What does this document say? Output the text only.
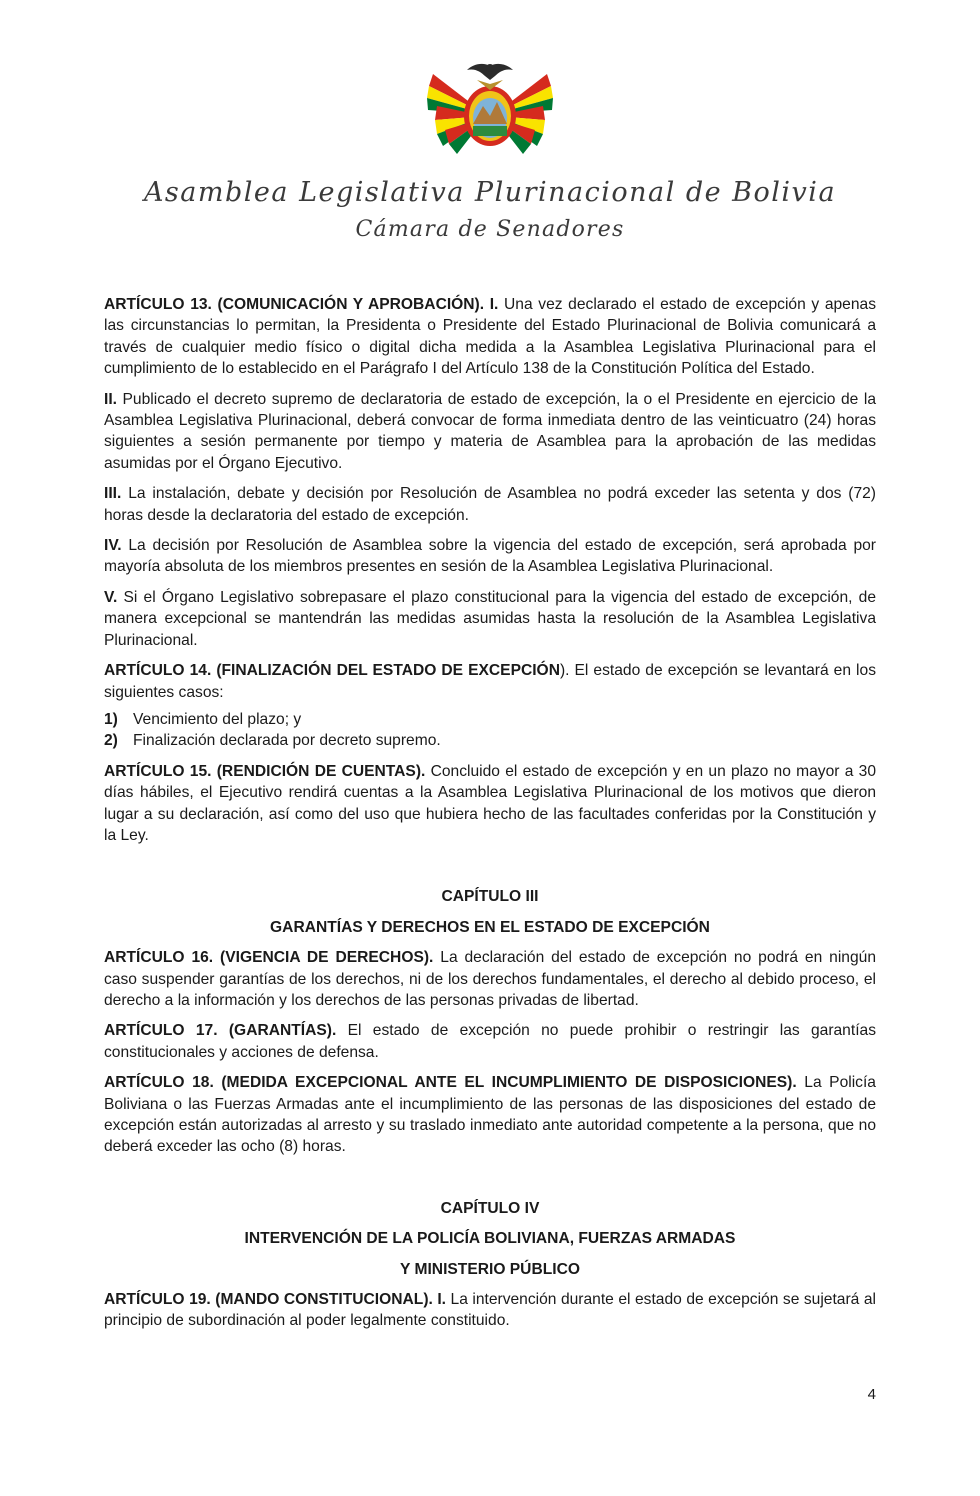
Asamblea Legislativa Plurinacional de Bolivia
Cámara de Senadores

ARTÍCULO 13. (COMUNICACIÓN Y APROBACIÓN). I. Una vez declarado el estado de excepción y apenas las circunstancias lo permitan, la Presidenta o Presidente del Estado Plurinacional de Bolivia comunicará a través de cualquier medio físico o digital dicha medida a la Asamblea Legislativa Plurinacional para el cumplimiento de lo establecido en el Parágrafo I del Artículo 138 de la Constitución Política del Estado.

II. Publicado el decreto supremo de declaratoria de estado de excepción, la o el Presidente en ejercicio de la Asamblea Legislativa Plurinacional, deberá convocar de forma inmediata dentro de las veinticuatro (24) horas siguientes a sesión permanente por tiempo y materia de Asamblea para la aprobación de las medidas asumidas por el Órgano Ejecutivo.

III. La instalación, debate y decisión por Resolución de Asamblea no podrá exceder las setenta y dos (72) horas desde la declaratoria del estado de excepción.

IV. La decisión por Resolución de Asamblea sobre la vigencia del estado de excepción, será aprobada por mayoría absoluta de los miembros presentes en sesión de la Asamblea Legislativa Plurinacional.

V. Si el Órgano Legislativo sobrepasare el plazo constitucional para la vigencia del estado de excepción, de manera excepcional se mantendrán las medidas asumidas hasta la resolución de la Asamblea Legislativa Plurinacional.

ARTÍCULO 14. (FINALIZACIÓN DEL ESTADO DE EXCEPCIÓN). El estado de excepción se levantará en los siguientes casos:

1) Vencimiento del plazo; y
2) Finalización declarada por decreto supremo.

ARTÍCULO 15. (RENDICIÓN DE CUENTAS). Concluido el estado de excepción y en un plazo no mayor a 30 días hábiles, el Ejecutivo rendirá cuentas a la Asamblea Legislativa Plurinacional de los motivos que dieron lugar a su declaración, así como del uso que hubiera hecho de las facultades conferidas por la Constitución y la Ley.

CAPÍTULO III

GARANTÍAS Y DERECHOS EN EL ESTADO DE EXCEPCIÓN

ARTÍCULO 16. (VIGENCIA DE DERECHOS). La declaración del estado de excepción no podrá en ningún caso suspender garantías de los derechos, ni de los derechos fundamentales, el derecho al debido proceso, el derecho a la información y los derechos de las personas privadas de libertad.

ARTÍCULO 17. (GARANTÍAS). El estado de excepción no puede prohibir o restringir las garantías constitucionales y acciones de defensa.

ARTÍCULO 18. (MEDIDA EXCEPCIONAL ANTE EL INCUMPLIMIENTO DE DISPOSICIONES). La Policía Boliviana o las Fuerzas Armadas ante el incumplimiento de las personas de las disposiciones del estado de excepción están autorizadas al arresto y su traslado inmediato ante autoridad competente a la persona, que no deberá exceder las ocho (8) horas.

CAPÍTULO IV

INTERVENCIÓN DE LA POLICÍA BOLIVIANA, FUERZAS ARMADAS

Y MINISTERIO PÚBLICO

ARTÍCULO 19. (MANDO CONSTITUCIONAL). I. La intervención durante el estado de excepción se sujetará al principio de subordinación al poder legalmente constituido.

4
